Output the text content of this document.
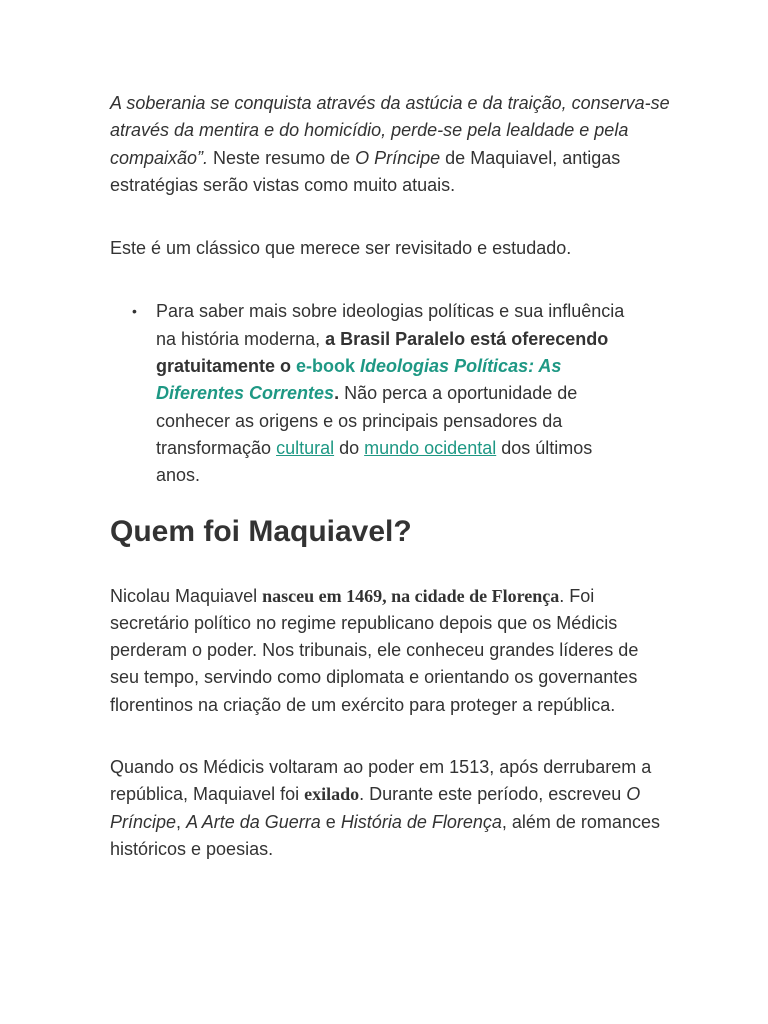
A soberania se conquista através da astúcia e da traição, conserva-se através da mentira e do homicídio, perde-se pela lealdade e pela compaixão”. Neste resumo de O Príncipe de Maquiavel, antigas estratégias serão vistas como muito atuais.

Este é um clássico que merece ser revisitado e estudado.

• Para saber mais sobre ideologias políticas e sua influência na história moderna, a Brasil Paralelo está oferecendo gratuitamente o e-book Ideologias Políticas: As Diferentes Correntes. Não perca a oportunidade de conhecer as origens e os principais pensadores da transformação cultural do mundo ocidental dos últimos anos.
Quem foi Maquiavel?

Nicolau Maquiavel nasceu em 1469, na cidade de Florença. Foi secretário político no regime republicano depois que os Médicis perderam o poder. Nos tribunais, ele conheceu grandes líderes de seu tempo, servindo como diplomata e orientando os governantes florentinos na criação de um exército para proteger a república.

Quando os Médicis voltaram ao poder em 1513, após derrubarem a república, Maquiavel foi exilado. Durante este período, escreveu O Príncipe, A Arte da Guerra e História de Florença, além de romances históricos e poesias.
